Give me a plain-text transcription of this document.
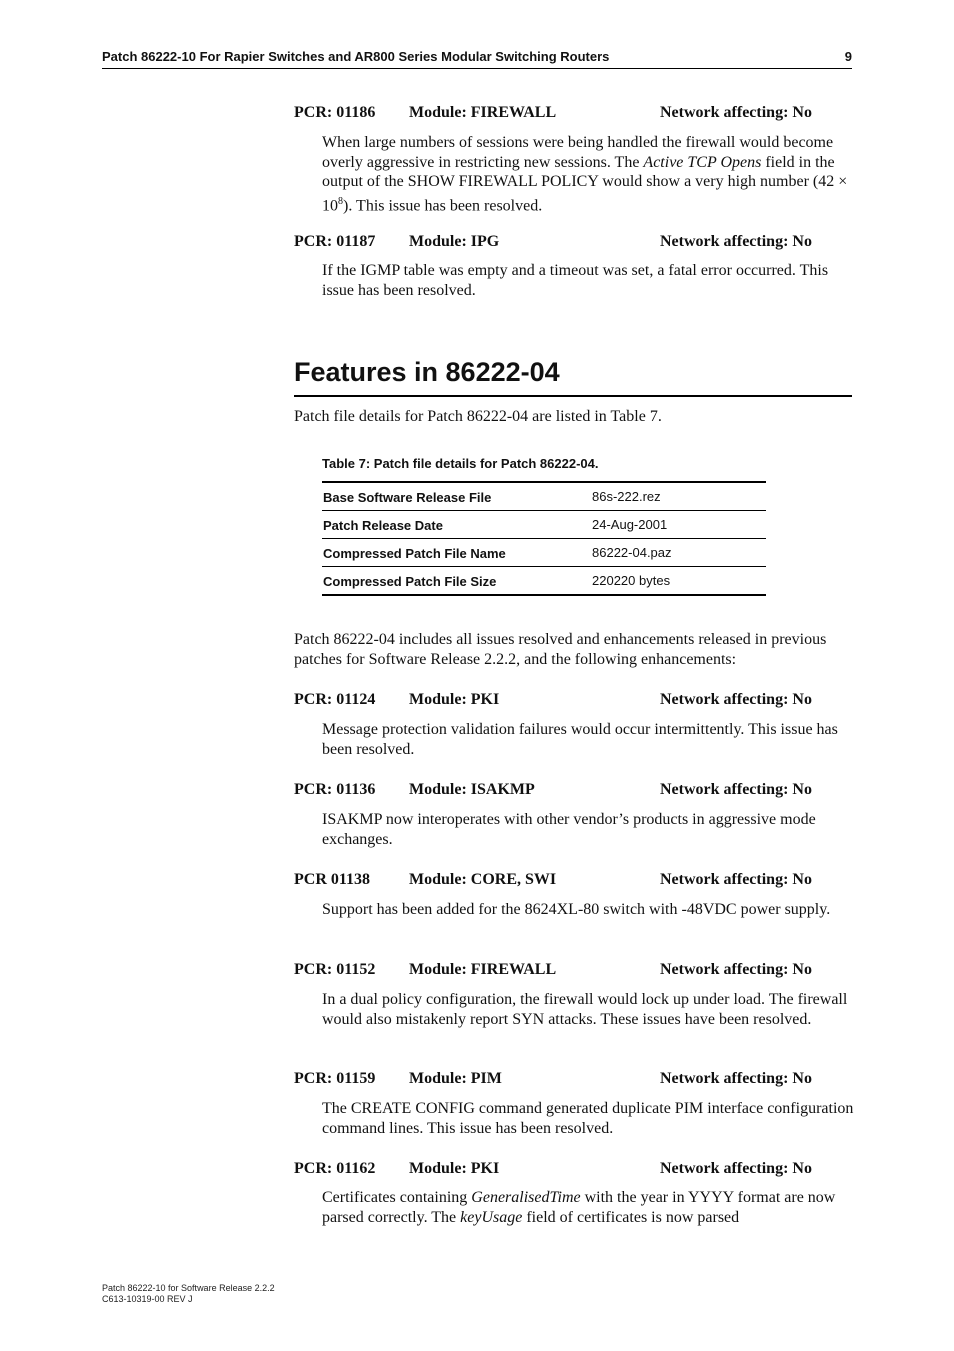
Patch 86222-10 For Rapier Switches and AR800 Series Modular Switching Routers	9
PCR: 01186 Module: FIREWALL	Network affecting: No
When large numbers of sessions were being handled the firewall would become overly aggressive in restricting new sessions. The Active TCP Opens field in the output of the SHOW FIREWALL POLICY would show a very high number $(42 \times 10^8)$. This issue has been resolved.
PCR: 01187 Module: IPG	Network affecting: No
If the IGMP table was empty and a timeout was set, a fatal error occurred. This issue has been resolved.
Features in 86222-04
Patch file details for Patch 86222-04 are listed in Table 7.
Table 7: Patch file details for Patch 86222-04.
Base Software Release File	86s-222.rez
Patch Release Date	24-Aug-2001
Compressed Patch File Name	86222-04.paz
Compressed Patch File Size	220220 bytes
Patch 86222-04 includes all issues resolved and enhancements released in previous patches for Software Release 2.2.2, and the following enhancements:
PCR: 01124 Module: PKI	Network affecting: No
Message protection validation failures would occur intermittently. This issue has been resolved.
PCR: 01136 Module: ISAKMP	Network affecting: No
ISAKMP now interoperates with other vendor’s products in aggressive mode exchanges.
PCR 01138 Module: CORE, SWI	Network affecting: No
Support has been added for the 8624XL-80 switch with -48VDC power supply.
PCR: 01152 Module: FIREWALL	Network affecting: No
In a dual policy configuration, the firewall would lock up under load. The firewall would also mistakenly report SYN attacks. These issues have been resolved.
PCR: 01159 Module: PIM	Network affecting: No
The CREATE CONFIG command generated duplicate PIM interface configuration command lines. This issue has been resolved.
PCR: 01162 Module: PKI	Network affecting: No
Certificates containing GeneralisedTime with the year in YYYY format are now parsed correctly. The keyUsage field of certificates is now parsed
Patch 86222-10 for Software Release 2.2.2
C613-10319-00 REV J
